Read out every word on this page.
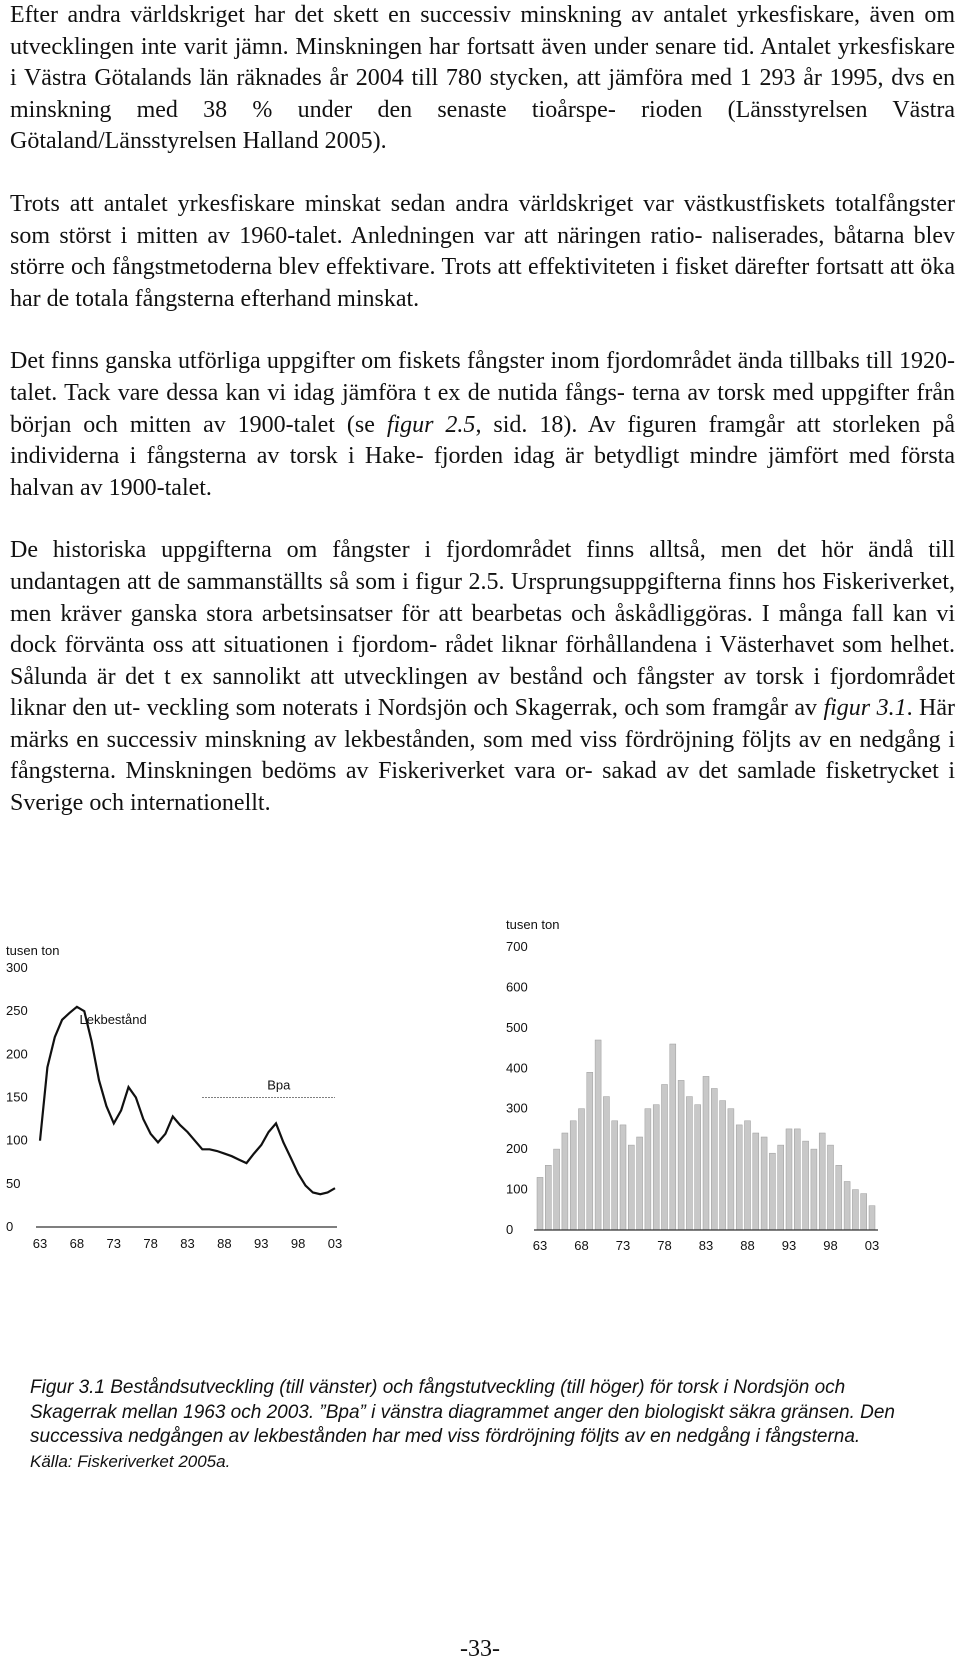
Efter andra världskriget har det skett en successiv minskning av antalet yrkesfiskare, även om utvecklingen inte varit jämn. Minskningen har fortsatt även under senare tid. Antalet yrkesfiskare i Västra Götalands län räknades år 2004 till 780 stycken, att jämföra med 1 293 år 1995, dvs en minskning med 38 % under den senaste tioårspe- rioden (Länsstyrelsen Västra Götaland/Länsstyrelsen Halland 2005).

Trots att antalet yrkesfiskare minskat sedan andra världskriget var västkustfiskets totalfångster som störst i mitten av 1960-talet. Anledningen var att näringen ratio- naliserades, båtarna blev större och fångstmetoderna blev effektivare. Trots att effektiviteten i fisket därefter fortsatt att öka har de totala fångsterna efterhand minskat.

Det finns ganska utförliga uppgifter om fiskets fångster inom fjordområdet ända tillbaks till 1920-talet. Tack vare dessa kan vi idag jämföra t ex de nutida fångs- terna av torsk med uppgifter från början och mitten av 1900-talet (se figur 2.5, sid. 18). Av figuren framgår att storleken på individerna i fångsterna av torsk i Hake- fjorden idag är betydligt mindre jämfört med första halvan av 1900-talet.

De historiska uppgifterna om fångster i fjordområdet finns alltså, men det hör ändå till undantagen att de sammanställts så som i figur 2.5. Ursprungsuppgifterna finns hos Fiskeriverket, men kräver ganska stora arbetsinsatser för att bearbetas och åskådliggöras. I många fall kan vi dock förvänta oss att situationen i fjordom- rådet liknar förhållandena i Västerhavet som helhet. Sålunda är det t ex sannolikt att utvecklingen av bestånd och fångster av torsk i fjordområdet liknar den ut- veckling som noterats i Nordsjön och Skagerrak, och som framgår av figur 3.1. Här märks en successiv minskning av lekbestånden, som med viss fördröjning följts av en nedgång i fångsterna. Minskningen bedöms av Fiskeriverket vara or- sakad av det samlade fisketrycket i Sverige och internationellt.

tusen ton
0
50
100
150
200
250
300
63 68 73 78 83 88 93 98 03
Lekbestånd
Bpa
tusen ton
0
100
200
300
400
500
600
700
63 68 73 78 83 88 93 98 03
Figur 3.1 Beståndsutveckling (till vänster) och fångstutveckling (till höger) för torsk i Nordsjön och Skagerrak mellan 1963 och 2003. ”Bpa” i vänstra diagrammet anger den biologiskt säkra gränsen. Den successiva nedgången av lekbestånden har med viss fördröjning följts av en nedgång i fångsterna.
Källa: Fiskeriverket 2005a.
-33-
